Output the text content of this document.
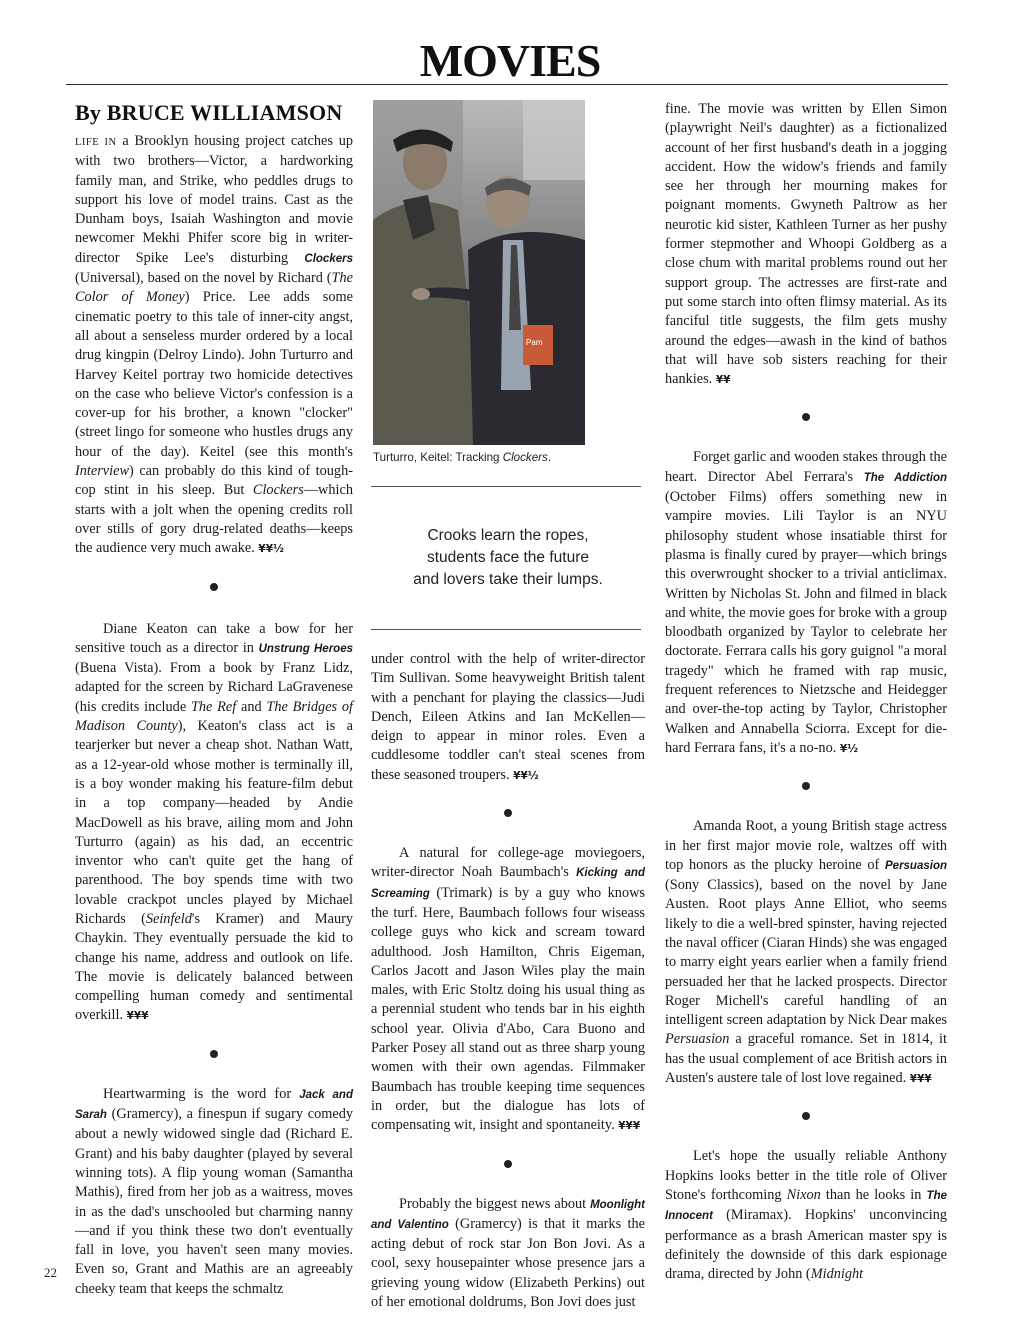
MOVIES
By BRUCE WILLIAMSON

LIFE IN a Brooklyn housing project catches up with two brothers—Victor, a hardworking family man, and Strike, who peddles drugs to support his love of model trains. Cast as the Dunham boys, Isaiah Washington and movie newcomer Mekhi Phifer score big in writer-director Spike Lee's disturbing Clockers (Universal), based on the novel by Richard (The Color of Money) Price. Lee adds some cinematic poetry to this tale of inner-city angst, all about a senseless murder ordered by a local drug kingpin (Delroy Lindo). John Turturro and Harvey Keitel portray two homicide detectives on the case who believe Victor's confession is a cover-up for his brother, a known "clocker" (street lingo for someone who hustles drugs any hour of the day). Keitel (see this month's Interview) can probably do this kind of tough-cop stint in his sleep. But Clockers—which starts with a jolt when the opening credits roll over stills of gory drug-related deaths—keeps the audience very much awake. ¥¥½

Diane Keaton can take a bow for her sensitive touch as a director in Unstrung Heroes (Buena Vista). From a book by Franz Lidz, adapted for the screen by Richard LaGravenese (his credits include The Ref and The Bridges of Madison County), Keaton's class act is a tearjerker but never a cheap shot. Nathan Watt, as a 12-year-old whose mother is terminally ill, is a boy wonder making his feature-film debut in a top company—headed by Andie MacDowell as his brave, ailing mom and John Turturro (again) as his dad, an eccentric inventor who can't quite get the hang of parenthood. The boy spends time with two lovable crackpot uncles played by Michael Richards (Seinfeld's Kramer) and Maury Chaykin. They eventually persuade the kid to change his name, address and outlook on life. The movie is delicately balanced between compelling human comedy and sentimental overkill. ¥¥¥

Heartwarming is the word for Jack and Sarah (Gramercy), a finespun if sugary comedy about a newly widowed single dad (Richard E. Grant) and his baby daughter (played by several winning tots). A flip young woman (Samantha Mathis), fired from her job as a waitress, moves in as the dad's unschooled but charming nanny—and if you think these two don't eventually fall in love, you haven't seen many movies. Even so, Grant and Mathis are an agreeably cheeky team that keeps the schmaltz

Pam
Turturro, Keitel: Tracking Clockers.
Crooks learn the ropes,
students face the future
and lovers take their lumps.

under control with the help of writer-director Tim Sullivan. Some heavyweight British talent with a penchant for playing the classics—Judi Dench, Eileen Atkins and Ian McKellen—deign to appear in minor roles. Even a cuddlesome toddler can't steal scenes from these seasoned troupers. ¥¥½

A natural for college-age moviegoers, writer-director Noah Baumbach's Kicking and Screaming (Trimark) is by a guy who knows the turf. Here, Baumbach follows four wiseass college guys who kick and scream toward adulthood. Josh Hamilton, Chris Eigeman, Carlos Jacott and Jason Wiles play the main males, with Eric Stoltz doing his usual thing as a perennial student who tends bar in his eighth school year. Olivia d'Abo, Cara Buono and Parker Posey all stand out as three sharp young women with their own agendas. Filmmaker Baumbach has trouble keeping time sequences in order, but the dialogue has lots of compensating wit, insight and spontaneity. ¥¥¥

Probably the biggest news about Moonlight and Valentino (Gramercy) is that it marks the acting debut of rock star Jon Bon Jovi. As a cool, sexy housepainter whose presence jars a grieving young widow (Elizabeth Perkins) out of her emotional doldrums, Bon Jovi does just

fine. The movie was written by Ellen Simon (playwright Neil's daughter) as a fictionalized account of her first husband's death in a jogging accident. How the widow's friends and family see her through her mourning makes for poignant moments. Gwyneth Paltrow as her neurotic kid sister, Kathleen Turner as her pushy former stepmother and Whoopi Goldberg as a close chum with marital problems round out her support group. The actresses are first-rate and put some starch into often flimsy material. As its fanciful title suggests, the film gets mushy around the edges—awash in the kind of bathos that will have sob sisters reaching for their hankies. ¥¥

Forget garlic and wooden stakes through the heart. Director Abel Ferrara's The Addiction (October Films) offers something new in vampire movies. Lili Taylor is an NYU philosophy student whose insatiable thirst for plasma is finally cured by prayer—which brings this overwrought shocker to a trivial anticlimax. Written by Nicholas St. John and filmed in black and white, the movie goes for broke with a group bloodbath organized by Taylor to celebrate her doctorate. Ferrara calls his gory guignol "a moral tragedy" which he framed with rap music, frequent references to Nietzsche and Heidegger and over-the-top acting by Taylor, Christopher Walken and Annabella Sciorra. Except for die-hard Ferrara fans, it's a no-no. ¥½

Amanda Root, a young British stage actress in her first major movie role, waltzes off with top honors as the plucky heroine of Persuasion (Sony Classics), based on the novel by Jane Austen. Root plays Anne Elliot, who seems likely to die a well-bred spinster, having rejected the naval officer (Ciaran Hinds) she was engaged to marry eight years earlier when a family friend persuaded her that he lacked prospects. Director Roger Michell's careful handling of an intelligent screen adaptation by Nick Dear makes Persuasion a graceful romance. Set in 1814, it has the usual complement of ace British actors in Austen's austere tale of lost love regained. ¥¥¥

Let's hope the usually reliable Anthony Hopkins looks better in the title role of Oliver Stone's forthcoming Nixon than he looks in The Innocent (Miramax). Hopkins' unconvincing performance as a brash American master spy is definitely the downside of this dark espionage drama, directed by John (Midnight

22
